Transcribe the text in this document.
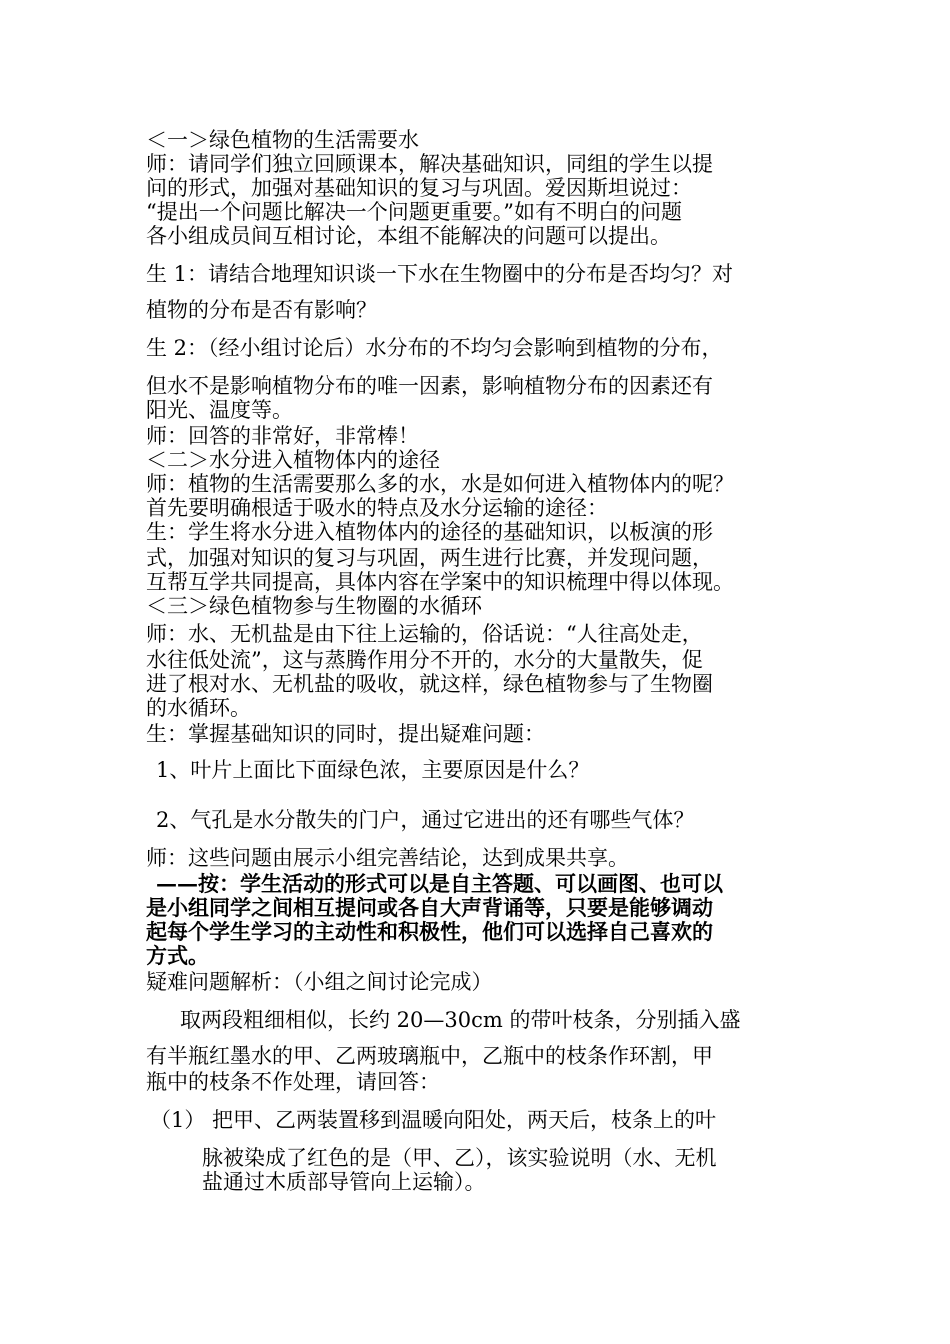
＜一＞绿色植物的生活需要水
师：请同学们独立回顾课本，解决基础知识，同组的学生以提
问的形式，加强对基础知识的复习与巩固。爱因斯坦说过：
“提出一个问题比解决一个问题更重要。”如有不明白的问题
各小组成员间互相讨论，本组不能解决的问题可以提出。
生 1：请结合地理知识谈一下水在生物圈中的分布是否均匀？对
植物的分布是否有影响？
生 2：（经小组讨论后）水分布的不均匀会影响到植物的分布，
但水不是影响植物分布的唯一因素，影响植物分布的因素还有
阳光、温度等。
师：回答的非常好，非常棒！
＜二＞水分进入植物体内的途径
师：植物的生活需要那么多的水，水是如何进入植物体内的呢？
首先要明确根适于吸水的特点及水分运输的途径：
生：学生将水分进入植物体内的途径的基础知识，以板演的形
式，加强对知识的复习与巩固，两生进行比赛，并发现问题，
互帮互学共同提高，具体内容在学案中的知识梳理中得以体现。
＜三＞绿色植物参与生物圈的水循环
师：水、无机盐是由下往上运输的，俗话说：“人往高处走，
水往低处流”，这与蒸腾作用分不开的，水分的大量散失，促
进了根对水、无机盐的吸收，就这样，绿色植物参与了生物圈
的水循环。
生：掌握基础知识的同时，提出疑难问题：
1、叶片上面比下面绿色浓，主要原因是什么？
2、气孔是水分散失的门户，通过它进出的还有哪些气体？
师：这些问题由展示小组完善结论，达到成果共享。
——按：学生活动的形式可以是自主答题、可以画图、也可以
是小组同学之间相互提问或各自大声背诵等，只要是能够调动
起每个学生学习的主动性和积极性，他们可以选择自己喜欢的
方式。
疑难问题解析：（小组之间讨论完成）
取两段粗细相似，长约 20—30cm 的带叶枝条，分别插入盛
有半瓶红墨水的甲、乙两玻璃瓶中，乙瓶中的枝条作环割，甲
瓶中的枝条不作处理，请回答：
（1） 把甲、乙两装置移到温暖向阳处，两天后，枝条上的叶
脉被染成了红色的是（甲、乙），该实验说明（水、无机
盐通过木质部导管向上运输）。
